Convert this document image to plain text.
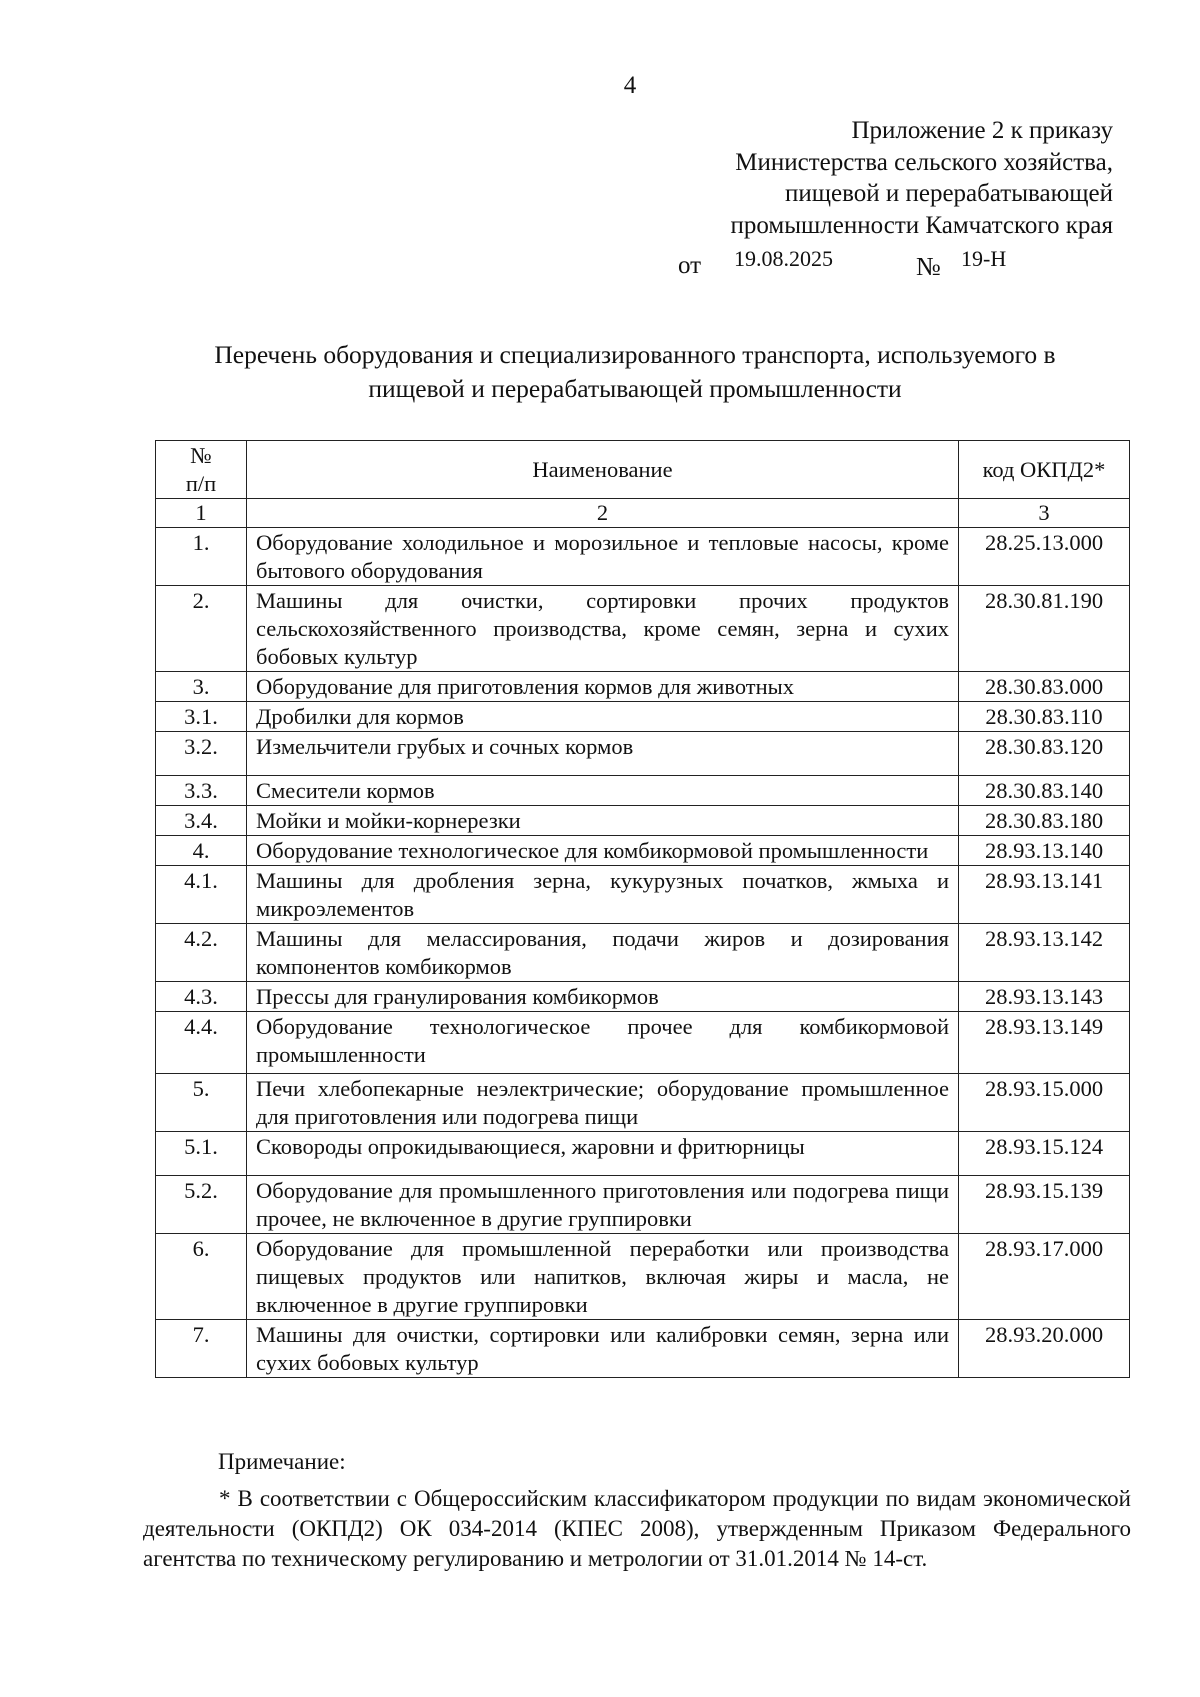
4
Приложение 2 к приказу
Министерства сельского хозяйства,
пищевой и перерабатывающей
промышленности Камчатского края
от 19.08.2025	№ 19-Н
Перечень оборудования и специализированного транспорта, используемого в
пищевой и перерабатывающей промышленности
№
п/п	Наименование	код ОКПД2*
1	2	3
1.	Оборудование холодильное и морозильное и тепловые насосы, кроме бытового оборудования	28.25.13.000
2.	Машины для очистки, сортировки прочих продуктов сельскохозяйственного производства, кроме семян, зерна и сухих бобовых культур	28.30.81.190
3.	Оборудование для приготовления кормов для животных	28.30.83.000
3.1.	Дробилки для кормов	28.30.83.110
3.2.	Измельчители грубых и сочных кормов	28.30.83.120
3.3.	Смесители кормов	28.30.83.140
3.4.	Мойки и мойки-корнерезки	28.30.83.180
4.	Оборудование технологическое для комбикормовой промышленности	28.93.13.140
4.1.	Машины для дробления зерна, кукурузных початков, жмыха и микроэлементов	28.93.13.141
4.2.	Машины для мелассирования, подачи жиров и дозирования компонентов комбикормов	28.93.13.142
4.3.	Прессы для гранулирования комбикормов	28.93.13.143
4.4.	Оборудование технологическое прочее для комбикормовой промышленности	28.93.13.149
5.	Печи хлебопекарные неэлектрические; оборудование промышленное для приготовления или подогрева пищи	28.93.15.000
5.1.	Сковороды опрокидывающиеся, жаровни и фритюрницы	28.93.15.124
5.2.	Оборудование для промышленного приготовления или подогрева пищи прочее, не включенное в другие группировки	28.93.15.139
6.	Оборудование для промышленной переработки или производства пищевых продуктов или напитков, включая жиры и масла, не включенное в другие группировки	28.93.17.000
7.	Машины для очистки, сортировки или калибровки семян, зерна или сухих бобовых культур	28.93.20.000
Примечание:
* В соответствии с Общероссийским классификатором продукции по видам экономической деятельности (ОКПД2) ОК 034-2014 (КПЕС 2008), утвержденным Приказом Федерального агентства по техническому регулированию и метрологии от 31.01.2014 № 14-ст.
